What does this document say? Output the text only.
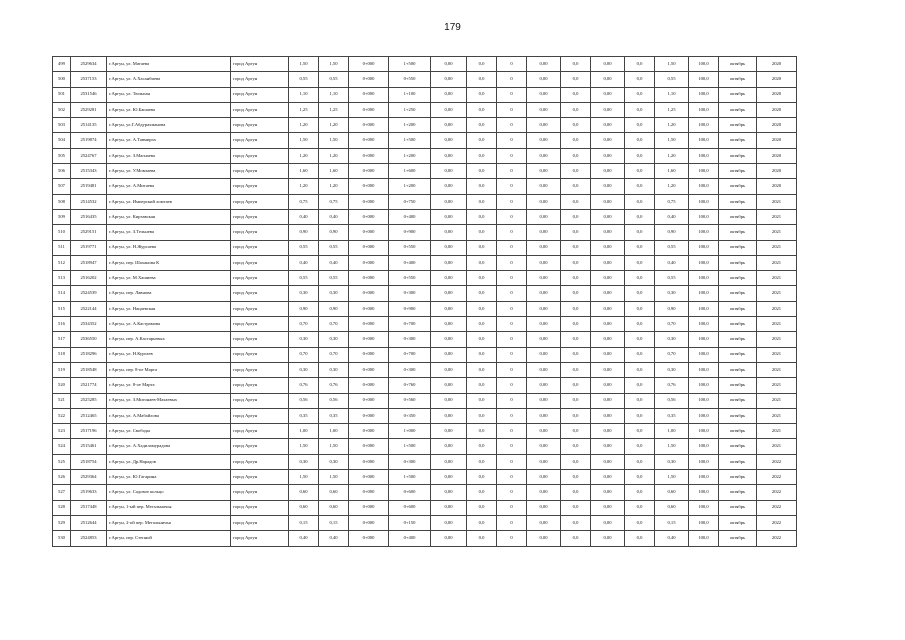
179
499	2529634	г.Аргун, ул. Матаева	город Аргун	1,50	1,50	0+000	1+500	0,00	0,0	0	0,00	0,0	0,00	0,0	1,50	100,0	октябрь	2020
500	2537153	г.Аргун, ул. А.Хасанбиева	город Аргун	0,55	0,55	0+000	0+550	0,00	0,0	0	0,00	0,0	0,00	0,0	0,55	100,0	октябрь	2020
501	2531546	г.Аргун, ул. Тюльпан	город Аргун	1,10	1,10	0+000	1+100	0,00	0,0	0	0,00	0,0	0,00	0,0	1,10	100,0	октябрь	2020
502	2529281	г.Аргун, ул. Ю.Башаева	город Аргун	1,25	1,25	0+000	1+250	0,00	0,0	0	0,00	0,0	0,00	0,0	1,25	100,0	октябрь	2020
503	2514135	г.Аргун, ул.Г.Абдурахманова	город Аргун	1,20	1,20	0+000	1+200	0,00	0,0	0	0,00	0,0	0,00	0,0	1,20	100,0	октябрь	2020
504	2519874	г.Аргун, ул. А.Тавмирза	город Аргун	1,50	1,50	0+000	1+500	0,00	0,0	0	0,00	0,0	0,00	0,0	1,50	100,0	октябрь	2020
505	2524767	г.Аргун, ул. З.Магнаева	город Аргун	1,20	1,20	0+000	1+200	0,00	0,0	0	0,00	0,0	0,00	0,0	1,20	100,0	октябрь	2020
506	2515343	г.Аргун, ул. У.Мовлаева	город Аргун	1,60	1,60	0+000	1+600	0,00	0,0	0	0,00	0,0	0,00	0,0	1,60	100,0	октябрь	2020
507	2519481	г.Аргун, ул. А.Митаева	город Аргун	1,20	1,20	0+000	1+200	0,00	0,0	0	0,00	0,0	0,00	0,0	1,20	100,0	октябрь	2020
508	2514532	г.Аргун, ул. Имперский ломтаев	город Аргун	0,75	0,75	0+000	0+750	0,00	0,0	0	0,00	0,0	0,00	0,0	0,75	100,0	октябрь	2021
509	2516435	г.Аргун, ул. Кирзавская	город Аргун	0,40	0,40	0+000	0+400	0,00	0,0	0	0,00	0,0	0,00	0,0	0,40	100,0	октябрь	2021
510	2529151	г.Аргун, ул. З.Тельнева	город Аргун	0,90	0,90	0+000	0+900	0,00	0,0	0	0,00	0,0	0,00	0,0	0,90	100,0	октябрь	2021
511	2519771	г.Аргун, ул. Н.Журсаева	город Аргун	0,55	0,55	0+000	0+550	0,00	0,0	0	0,00	0,0	0,00	0,0	0,55	100,0	октябрь	2021
512	2518947	г.Аргун, пер. Шаханова К	город Аргун	0,40	0,40	0+000	0+400	0,00	0,0	0	0,00	0,0	0,00	0,0	0,40	100,0	октябрь	2021
513	2516202	г.Аргун, ул. М.Хашиева	город Аргун	0,55	0,55	0+000	0+550	0,00	0,0	0	0,00	0,0	0,00	0,0	0,55	100,0	октябрь	2021
514	2524539	г.Аргун, пер. Лавнова	город Аргун	0,30	0,30	0+000	0+300	0,00	0,0	0	0,00	0,0	0,00	0,0	0,30	100,0	октябрь	2021
515	2522144	г.Аргун, ул. Нацаевская	город Аргун	0,90	0,90	0+000	0+900	0,00	0,0	0	0,00	0,0	0,00	0,0	0,90	100,0	октябрь	2021
516	2534352	г.Аргун, ул. А.Кастрамова	город Аргун	0,70	0,70	0+000	0+700	0,00	0,0	0	0,00	0,0	0,00	0,0	0,70	100,0	октябрь	2021
517	2536550	г.Аргун, пер. А.Кастарьевых	город Аргун	0,30	0,30	0+000	0+300	0,00	0,0	0	0,00	0,0	0,00	0,0	0,30	100,0	октябрь	2021
518	2518296	г.Аргун, ул. Н.Кургаев	город Аргун	0,70	0,70	0+000	0+700	0,00	0,0	0	0,00	0,0	0,00	0,0	0,70	100,0	октябрь	2021
519	2518548	г.Аргун, пер. 8-ое Марта	город Аргун	0,30	0,30	0+000	0+300	0,00	0,0	0	0,00	0,0	0,00	0,0	0,30	100,0	октябрь	2021
520	2521774	г.Аргун, ул. 8-ое Марта	город Аргун	0,76	0,76	0+000	0+760	0,00	0,0	0	0,00	0,0	0,00	0,0	0,76	100,0	октябрь	2021
521	2525285	г.Аргун, ул. З.Мигонаев-Махаевых	город Аргун	0,56	0,56	0+000	0+560	0,00	0,0	0	0,00	0,0	0,00	0,0	0,56	100,0	октябрь	2021
522	2512465	г.Аргун, ул. А.Мабайлова	город Аргун	0,35	0,35	0+000	0+350	0,00	0,0	0	0,00	0,0	0,00	0,0	0,35	100,0	октябрь	2021
523	2517196	г.Аргун, ул. Свободы	город Аргун	1,00	1,00	0+000	1+000	0,00	0,0	0	0,00	0,0	0,00	0,0	1,00	100,0	октябрь	2021
524	2515461	г.Аргун, ул. А.Хадиламурадова	город Аргун	1,50	1,50	0+000	1+500	0,00	0,0	0	0,00	0,0	0,00	0,0	1,50	100,0	октябрь	2021
525	2518754	г.Аргун, ул. Др.Нарадов	город Аргун	0,30	0,30	0+000	0+300	0,00	0,0	0	0,00	0,0	0,00	0,0	0,30	100,0	октябрь	2022
526	2529364	г.Аргун, ул. Ю.Гагарина	город Аргун	1,50	1,50	0+000	1+500	0,00	0,0	0	0,00	0,0	0,00	0,0	1,50	100,0	октябрь	2022
527	2519633	г.Аргун, ул. Садовое кольцо	город Аргун	0,60	0,60	0+000	0+600	0,00	0,0	0	0,00	0,0	0,00	0,0	0,60	100,0	октябрь	2022
528	2517448	г.Аргун, 1-ый пер. Мегальничья	город Аргун	0,60	0,60	0+000	0+600	0,00	0,0	0	0,00	0,0	0,00	0,0	0,60	100,0	октябрь	2022
529	2512644	г.Аргун, 2-ой пер. Мегальничья	город Аргун	0,15	0,15	0+000	0+150	0,00	0,0	0	0,00	0,0	0,00	0,0	0,15	100,0	октябрь	2022
530	2524853	г.Аргун, пер. Степной	город Аргун	0,40	0,40	0+000	0+400	0,00	0,0	0	0,00	0,0	0,00	0,0	0,40	100,0	октябрь	2022
